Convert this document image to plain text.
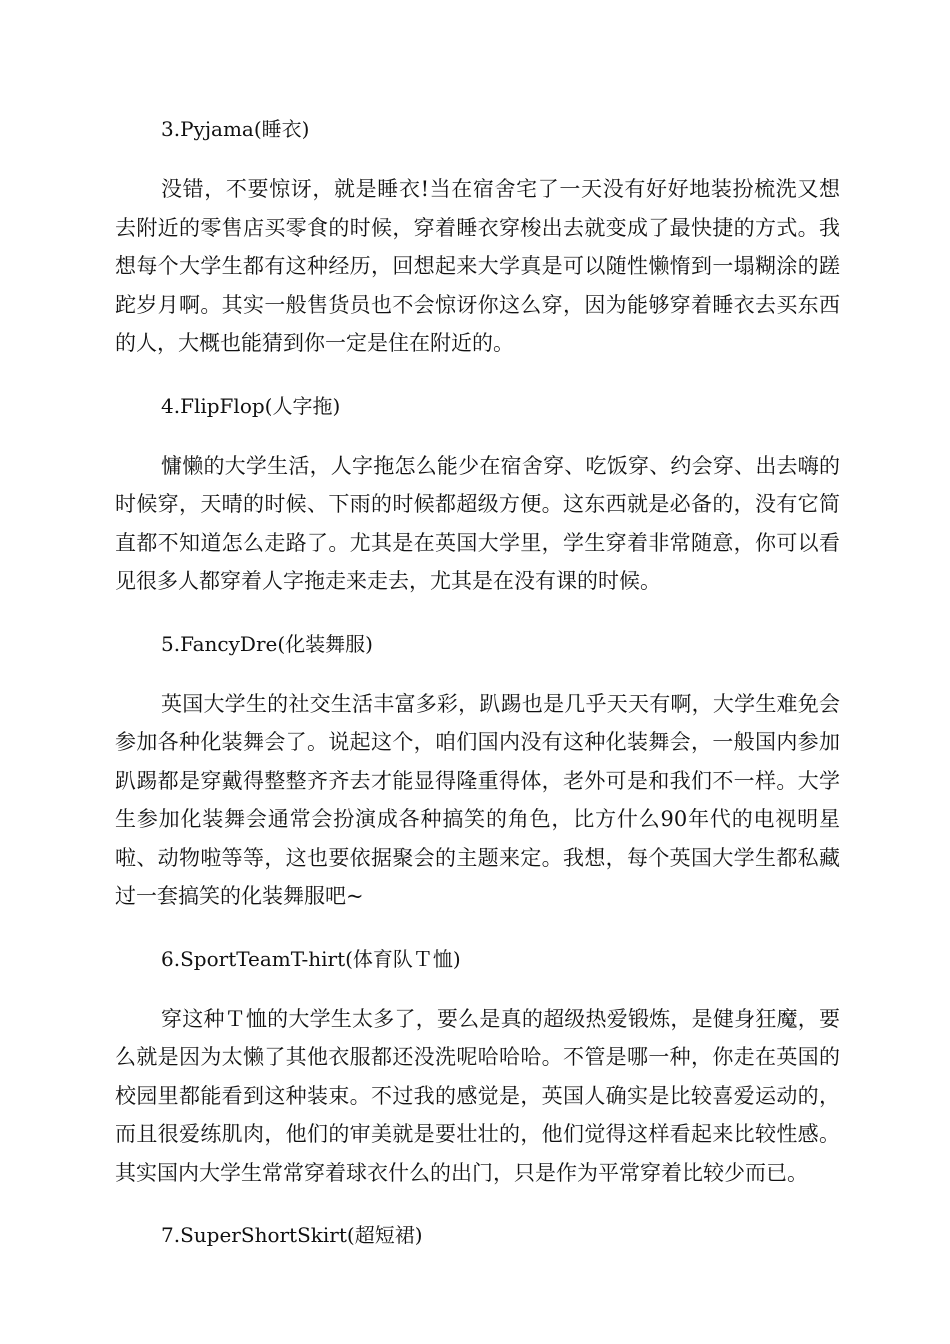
3.Pyjama(睡衣)

没错，不要惊讶，就是睡衣!当在宿舍宅了一天没有好好地装扮梳洗又想去附近的零售店买零食的时候，穿着睡衣穿梭出去就变成了最快捷的方式。我想每个大学生都有这种经历，回想起来大学真是可以随性懒惰到一塌糊涂的蹉跎岁月啊。其实一般售货员也不会惊讶你这么穿，因为能够穿着睡衣去买东西的人，大概也能猜到你一定是住在附近的。

4.FlipFlop(人字拖)

慵懒的大学生活，人字拖怎么能少在宿舍穿、吃饭穿、约会穿、出去嗨的时候穿，天晴的时候、下雨的时候都超级方便。这东西就是必备的，没有它简直都不知道怎么走路了。尤其是在英国大学里，学生穿着非常随意，你可以看见很多人都穿着人字拖走来走去，尤其是在没有课的时候。

5.FancyDre(化装舞服)

英国大学生的社交生活丰富多彩，趴踢也是几乎天天有啊，大学生难免会参加各种化装舞会了。说起这个，咱们国内没有这种化装舞会，一般国内参加趴踢都是穿戴得整整齐齐去才能显得隆重得体，老外可是和我们不一样。大学生参加化装舞会通常会扮演成各种搞笑的角色，比方什么90年代的电视明星啦、动物啦等等，这也要依据聚会的主题来定。我想，每个英国大学生都私藏过一套搞笑的化装舞服吧~

6.SportTeamT-hirt(体育队Ｔ恤)

穿这种Ｔ恤的大学生太多了，要么是真的超级热爱锻炼，是健身狂魔，要么就是因为太懒了其他衣服都还没洗呢哈哈哈。不管是哪一种，你走在英国的校园里都能看到这种装束。不过我的感觉是，英国人确实是比较喜爱运动的，而且很爱练肌肉，他们的审美就是要壮壮的，他们觉得这样看起来比较性感。其实国内大学生常常穿着球衣什么的出门，只是作为平常穿着比较少而已。

7.SuperShortSkirt(超短裙)
